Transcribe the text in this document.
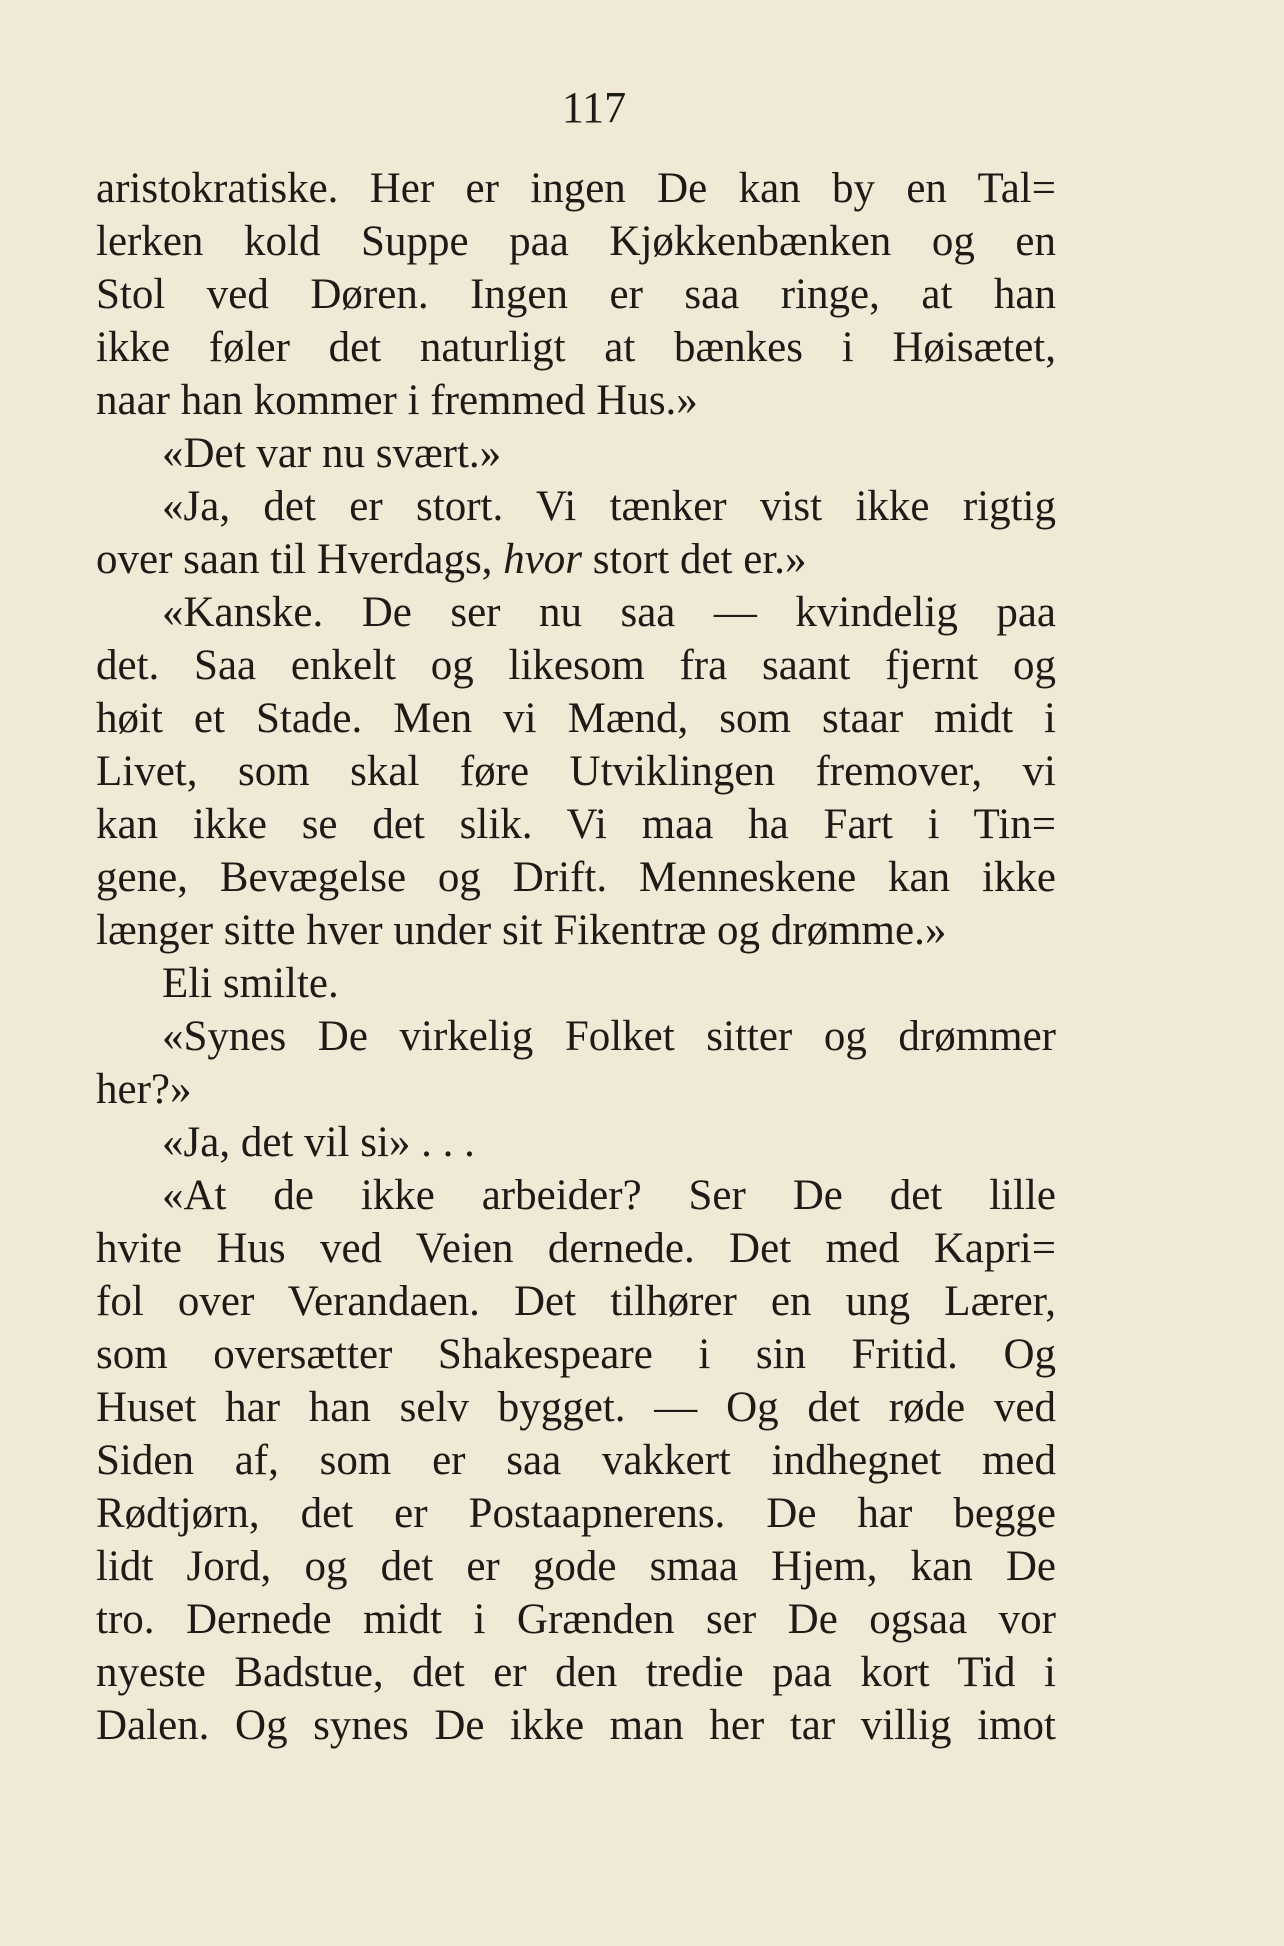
117
aristokratiske. Her er ingen De kan by en Tal=
lerken kold Suppe paa Kjøkkenbænken og en
Stol ved Døren. Ingen er saa ringe, at han
ikke føler det naturligt at bænkes i Høisætet,
naar han kommer i fremmed Hus.»
«Det var nu svært.»
«Ja, det er stort. Vi tænker vist ikke rigtig
over saan til Hverdags, hvor stort det er.»
«Kanske. De ser nu saa — kvindelig paa
det. Saa enkelt og likesom fra saant fjernt og
høit et Stade. Men vi Mænd, som staar midt i
Livet, som skal føre Utviklingen fremover, vi
kan ikke se det slik. Vi maa ha Fart i Tin=
gene, Bevægelse og Drift. Menneskene kan ikke
længer sitte hver under sit Fikentræ og drømme.»
Eli smilte.
«Synes De virkelig Folket sitter og drømmer
her?»
«Ja, det vil si» . . .
«At de ikke arbeider? Ser De det lille
hvite Hus ved Veien dernede. Det med Kapri=
fol over Verandaen. Det tilhører en ung Lærer,
som oversætter Shakespeare i sin Fritid. Og
Huset har han selv bygget. — Og det røde ved
Siden af, som er saa vakkert indhegnet med
Rødtjørn, det er Postaapnerens. De har begge
lidt Jord, og det er gode smaa Hjem, kan De
tro. Dernede midt i Grænden ser De ogsaa vor
nyeste Badstue, det er den tredie paa kort Tid i
Dalen. Og synes De ikke man her tar villig imot
